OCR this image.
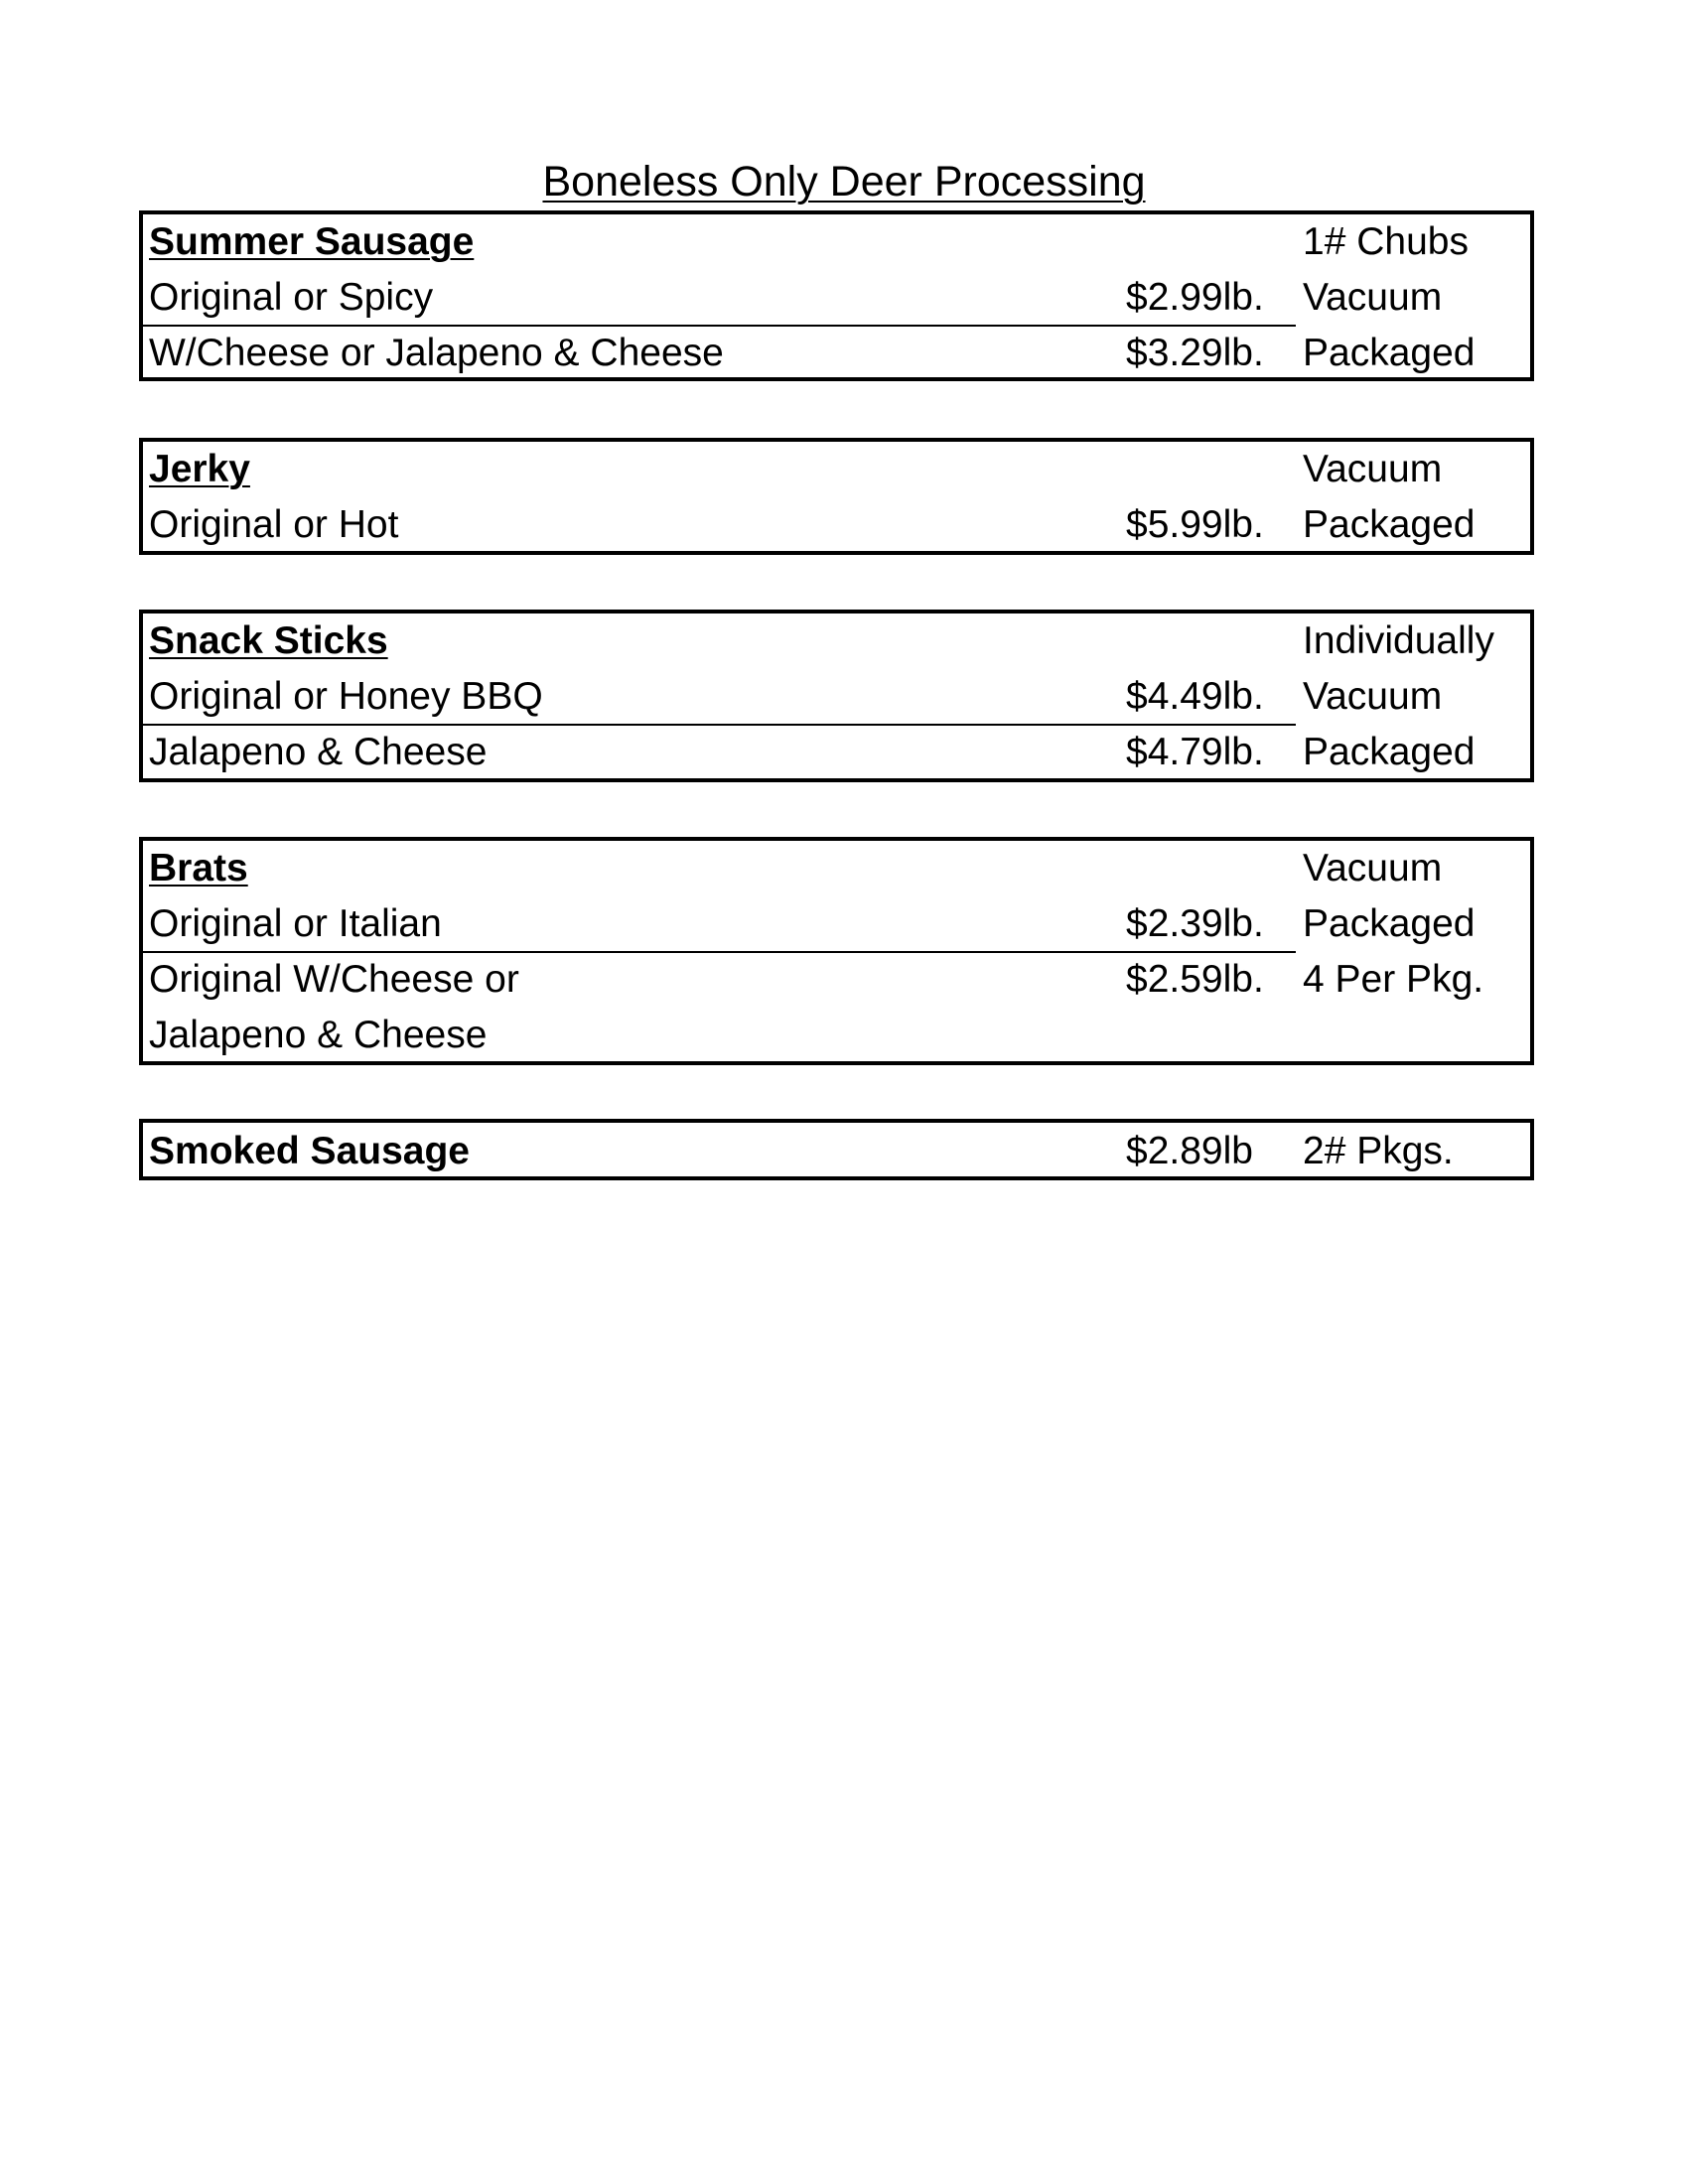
Boneless Only Deer Processing
Summer Sausage	1# Chubs
Original or Spicy	$2.99lb. Vacuum
W/Cheese or Jalapeno & Cheese	$3.29lb. Packaged
Jerky	Vacuum
Original or Hot	$5.99lb. Packaged
Snack Sticks	Individually
Original or Honey BBQ	$4.49lb. Vacuum
Jalapeno & Cheese	$4.79lb. Packaged
Brats	Vacuum
Original or Italian	$2.39lb. Packaged
Original W/Cheese or	$2.59lb. 4 Per Pkg.
Jalapeno & Cheese
Smoked Sausage	$2.89lb 2# Pkgs.
